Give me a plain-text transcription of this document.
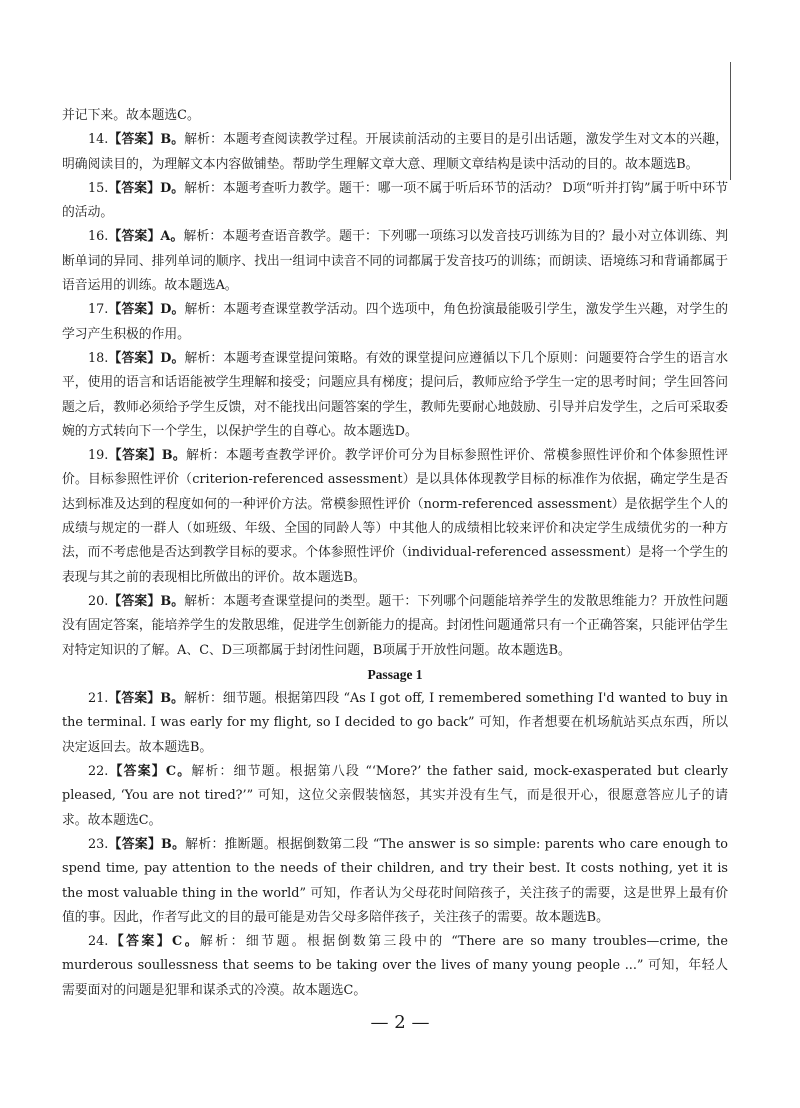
并记下来。故本题选C。

14.【答案】B。解析：本题考查阅读教学过程。开展读前活动的主要目的是引出话题，激发学生对文本的兴趣，明确阅读目的，为理解文本内容做铺垫。帮助学生理解文章大意、理顺文章结构是读中活动的目的。故本题选B。

15.【答案】D。解析：本题考查听力教学。题干：哪一项不属于听后环节的活动？ D项“听并打钩”属于听中环节的活动。

16.【答案】A。解析：本题考查语音教学。题干：下列哪一项练习以发音技巧训练为目的？最小对立体训练、判断单词的异同、排列单词的顺序、找出一组词中读音不同的词都属于发音技巧的训练；而朗读、语境练习和背诵都属于语音运用的训练。故本题选A。

17.【答案】D。解析：本题考查课堂教学活动。四个选项中，角色扮演最能吸引学生，激发学生兴趣，对学生的学习产生积极的作用。

18.【答案】D。解析：本题考查课堂提问策略。有效的课堂提问应遵循以下几个原则：问题要符合学生的语言水平，使用的语言和话语能被学生理解和接受；问题应具有梯度；提问后，教师应给予学生一定的思考时间；学生回答问题之后，教师必须给予学生反馈，对不能找出问题答案的学生，教师先要耐心地鼓励、引导并启发学生，之后可采取委婉的方式转向下一个学生，以保护学生的自尊心。故本题选D。

19.【答案】B。解析：本题考查教学评价。教学评价可分为目标参照性评价、常模参照性评价和个体参照性评价。目标参照性评价（criterion-referenced assessment）是以具体体现教学目标的标准作为依据，确定学生是否达到标准及达到的程度如何的一种评价方法。常模参照性评价（norm-referenced assessment）是依据学生个人的成绩与规定的一群人（如班级、年级、全国的同龄人等）中其他人的成绩相比较来评价和决定学生成绩优劣的一种方法，而不考虑他是否达到教学目标的要求。个体参照性评价（individual-referenced assessment）是将一个学生的表现与其之前的表现相比所做出的评价。故本题选B。

20.【答案】B。解析：本题考查课堂提问的类型。题干：下列哪个问题能培养学生的发散思维能力？开放性问题没有固定答案，能培养学生的发散思维，促进学生创新能力的提高。封闭性问题通常只有一个正确答案，只能评估学生对特定知识的了解。A、C、D三项都属于封闭性问题，B项属于开放性问题。故本题选B。

Passage 1

21.【答案】B。解析：细节题。根据第四段 “As I got off, I remembered something I'd wanted to buy in the terminal. I was early for my flight, so I decided to go back” 可知，作者想要在机场航站买点东西，所以决定返回去。故本题选B。

22.【答案】C。解析：细节题。根据第八段 “‘More?’ the father said, mock-exasperated but clearly pleased, ‘You are not tired?’” 可知，这位父亲假装恼怒，其实并没有生气，而是很开心，很愿意答应儿子的请求。故本题选C。

23.【答案】B。解析：推断题。根据倒数第二段 “The answer is so simple: parents who care enough to spend time, pay attention to the needs of their children, and try their best. It costs nothing, yet it is the most valuable thing in the world” 可知，作者认为父母花时间陪孩子，关注孩子的需要，这是世界上最有价值的事。因此，作者写此文的目的最可能是劝告父母多陪伴孩子，关注孩子的需要。故本题选B。

24.【答案】C。解析：细节题。根据倒数第三段中的 “There are so many troubles—crime, the murderous soullessness that seems to be taking over the lives of many young people ...” 可知，年轻人需要面对的问题是犯罪和谋杀式的冷漠。故本题选C。

— 2 —
